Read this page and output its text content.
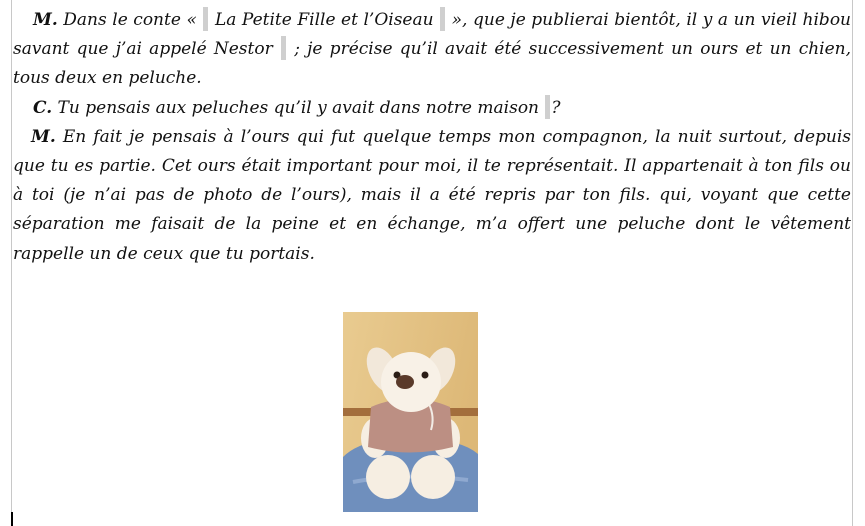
M. Dans le conte « La Petite Fille et l’Oiseau », que je publierai bientôt, il y a un vieil hibou savant que j’ai appelé Nestor ; je précise qu’il avait été successivement un ours et un chien, tous deux en peluche.

C. Tu pensais aux peluches qu’il y avait dans notre maison ?

M. En fait je pensais à l’ours qui fut quelque temps mon compagnon, la nuit surtout, depuis que tu es partie. Cet ours était important pour moi, il te représentait. Il appartenait à ton fils ou à toi (je n’ai pas de photo de l’ours), mais il a été repris par ton fils. qui, voyant que cette séparation me faisait de la peine et en échange, m’a offert une peluche dont le vêtement rappelle un de ceux que tu portais.
